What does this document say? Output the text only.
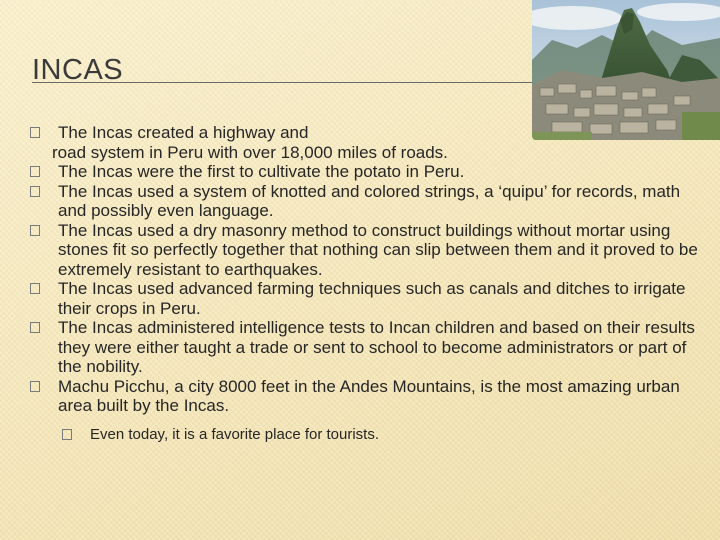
INCAS
The Incas created a highway and
road system in Peru with over 18,000 miles of roads.
The Incas were the first to cultivate the potato in Peru.
The Incas used a system of knotted and colored strings, a ‘quipu’ for records, math and possibly even language.
The Incas used a dry masonry method to construct buildings without mortar using stones fit so perfectly together that nothing can slip between them and it proved to be extremely resistant to earthquakes.
The Incas used advanced farming techniques such as canals and ditches to irrigate their crops in Peru.
The Incas administered intelligence tests to Incan children and based on their results they were either taught a trade or sent to school to become administrators or part of the nobility.
Machu Picchu, a city 8000 feet in the Andes Mountains, is the most amazing urban area built by the Incas.
Even today, it is a favorite place for tourists.
